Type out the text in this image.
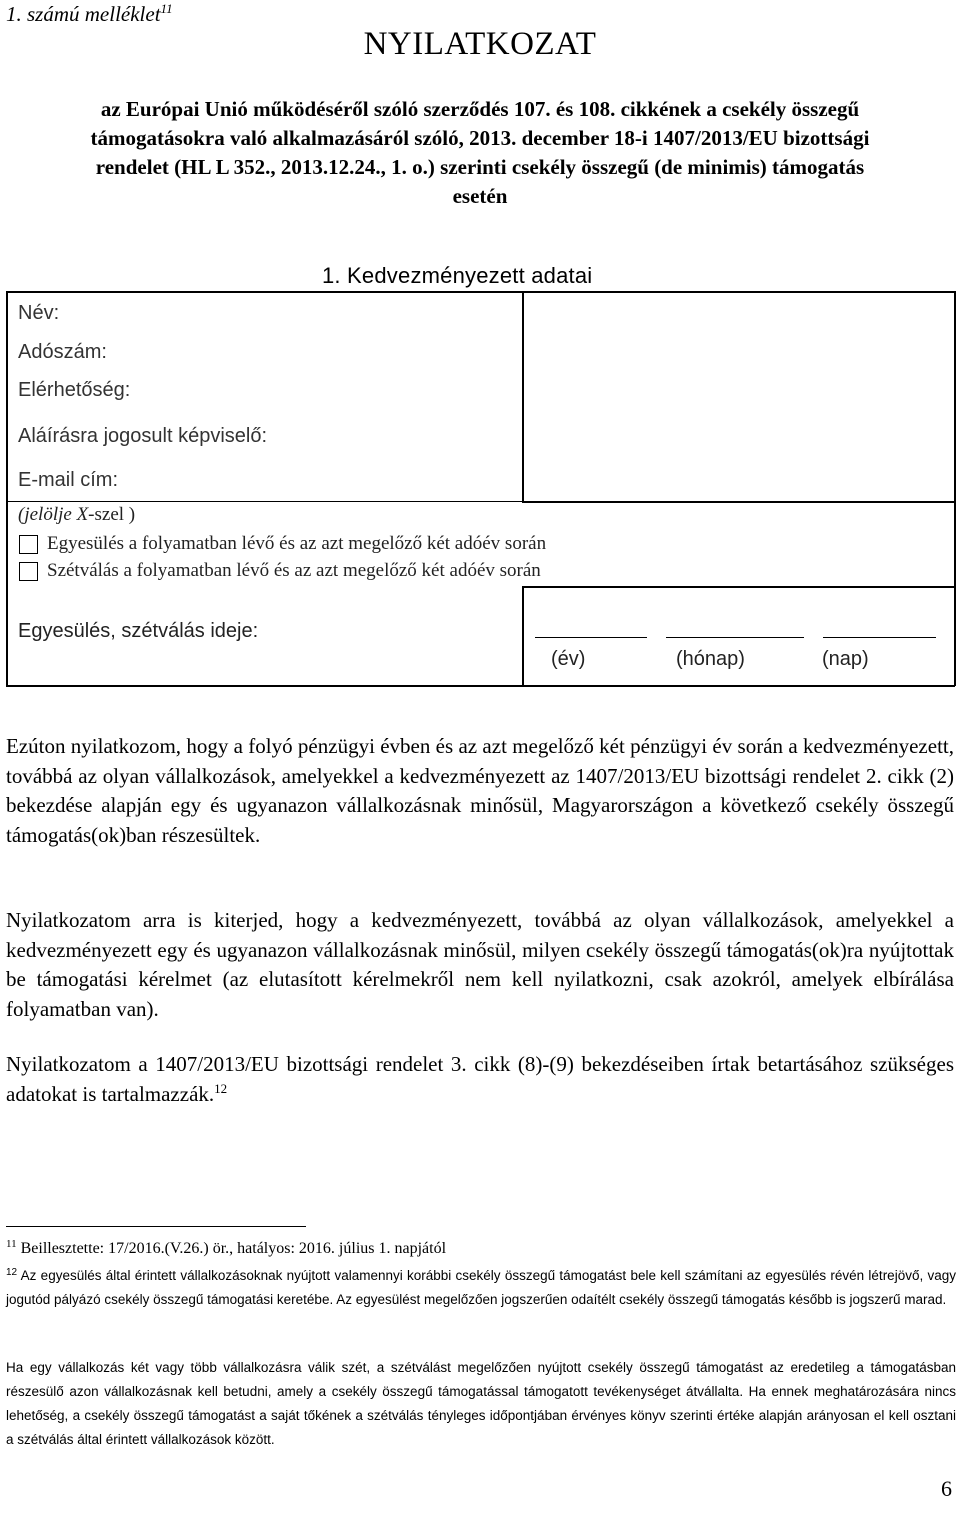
1. számú melléklet$^{11}$
NYILATKOZAT
az Európai Unió működéséről szóló szerződés 107. és 108. cikkének a csekély összegű
támogatásokra való alkalmazásáról szóló, 2013. december 18-i 1407/2013/EU bizottsági
rendelet (HL L 352., 2013.12.24., 1. o.) szerinti csekély összegű (de minimis) támogatás
esetén
1. Kedvezményezett adatai
Név:
Adószám:
Elérhetőség:
Aláírásra jogosult képviselő:
E-mail cím:
(jelölje X-szel )
Egyesülés a folyamatban lévő és az azt megelőző két adóév során
Szétválás a folyamatban lévő és az azt megelőző két adóév során
Egyesülés, szétválás ideje:
(év)	(hónap)	(nap)
Ezúton nyilatkozom, hogy a folyó pénzügyi évben és az azt megelőző két pénzügyi év során a kedvezményezett, továbbá az olyan vállalkozások, amelyekkel a kedvezményezett az 1407/2013/EU bizottsági rendelet 2. cikk (2) bekezdése alapján egy és ugyanazon vállalkozásnak minősül, Magyarországon a következő csekély összegű támogatás(ok)ban részesültek.
Nyilatkozatom arra is kiterjed, hogy a kedvezményezett, továbbá az olyan vállalkozások, amelyekkel a kedvezményezett egy és ugyanazon vállalkozásnak minősül, milyen csekély összegű támogatás(ok)ra nyújtottak be támogatási kérelmet (az elutasított kérelmekről nem kell nyilatkozni, csak azokról, amelyek elbírálása folyamatban van).
Nyilatkozatom a 1407/2013/EU bizottsági rendelet 3. cikk (8)-(9) bekezdéseiben írtak betartásához szükséges adatokat is tartalmazzák.$^{12}$
$^{11}$ Beillesztette: 17/2016.(V.26.) ör., hatályos: 2016. július 1. napjától
$^{12}$ Az egyesülés által érintett vállalkozásoknak nyújtott valamennyi korábbi csekély összegű támogatást bele kell számítani az egyesülés révén létrejövő, vagy jogutód pályázó csekély összegű támogatási keretébe. Az egyesülést megelőzően jogszerűen odaítélt csekély összegű támogatás később is jogszerű marad.
Ha egy vállalkozás két vagy több vállalkozásra válik szét, a szétválást megelőzően nyújtott csekély összegű támogatást az eredetileg a támogatásban részesülő azon vállalkozásnak kell betudni, amely a csekély összegű támogatással támogatott tevékenységet átvállalta. Ha ennek meghatározására nincs lehetőség, a csekély összegű támogatást a saját tőkének a szétválás tényleges időpontjában érvényes könyv szerinti értéke alapján arányosan el kell osztani a szétválás által érintett vállalkozások között.
6
